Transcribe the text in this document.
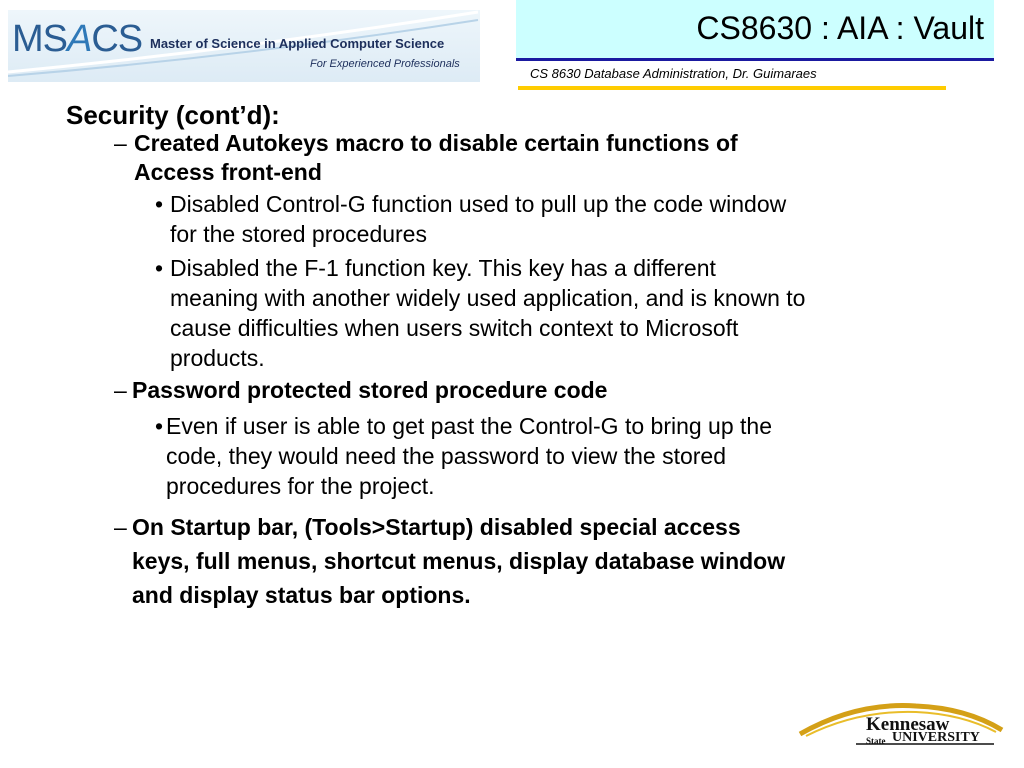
MSACS Master of Science in Applied Computer Science
For Experienced Professionals
CS8630 : AIA : Vault
CS 8630 Database Administration, Dr. Guimaraes
Security (cont’d):
– Created Autokeys macro to disable certain functions of
Access front-end
• Disabled Control-G function used to pull up the code window
for the stored procedures
• Disabled the F-1 function key. This key has a different
meaning with another widely used application, and is known to
cause difficulties when users switch context to Microsoft
products.
– Password protected stored procedure code
• Even if user is able to get past the Control-G to bring up the
code, they would need the password to view the stored
procedures for the project.
– On Startup bar, (Tools>Startup) disabled special access
keys, full menus, shortcut menus, display database window
and display status bar options.
Kennesaw
State UNIVERSITY
